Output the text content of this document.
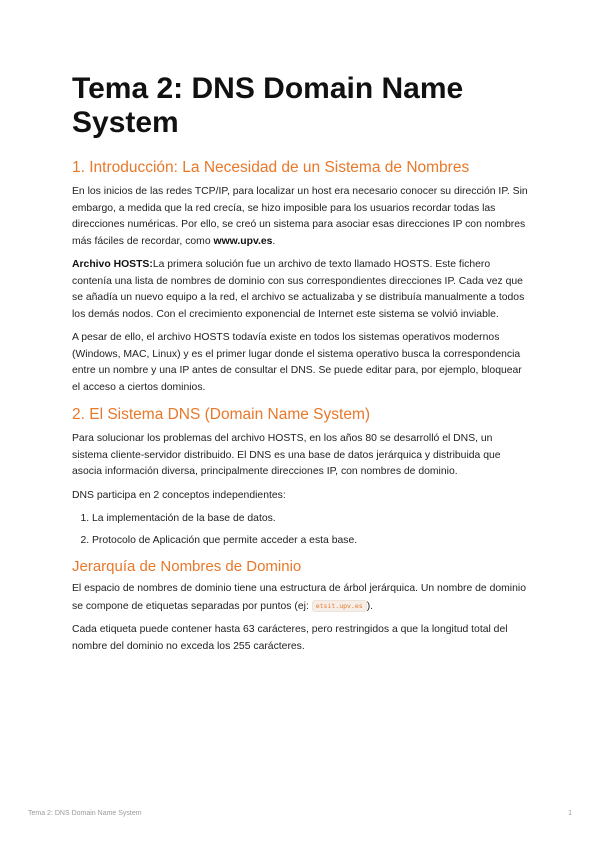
Tema 2: DNS Domain Name System
1. Introducción: La Necesidad de un Sistema de Nombres

En los inicios de las redes TCP/IP, para localizar un host era necesario conocer su dirección IP. Sin embargo, a medida que la red crecía, se hizo imposible para los usuarios recordar todas las direcciones numéricas. Por ello, se creó un sistema para asociar esas direcciones IP con nombres más fáciles de recordar, como www.upv.es.

Archivo HOSTS:La primera solución fue un archivo de texto llamado HOSTS. Este fichero contenía una lista de nombres de dominio con sus correspondientes direcciones IP. Cada vez que se añadía un nuevo equipo a la red, el archivo se actualizaba y se distribuía manualmente a todos los demás nodos. Con el crecimiento exponencial de Internet este sistema se volvió inviable.

A pesar de ello, el archivo HOSTS todavía existe en todos los sistemas operativos modernos (Windows, MAC, Linux) y es el primer lugar donde el sistema operativo busca la correspondencia entre un nombre y una IP antes de consultar el DNS. Se puede editar para, por ejemplo, bloquear el acceso a ciertos dominios.

2. El Sistema DNS (Domain Name System)

Para solucionar los problemas del archivo HOSTS, en los años 80 se desarrolló el DNS, un sistema cliente-servidor distribuido. El DNS es una base de datos jerárquica y distribuida que asocia información diversa, principalmente direcciones IP, con nombres de dominio.

DNS participa en 2 conceptos independientes:

1. La implementación de la base de datos.
2. Protocolo de Aplicación que permite acceder a esta base.
Jerarquía de Nombres de Dominio

El espacio de nombres de dominio tiene una estructura de árbol jerárquica. Un nombre de dominio se compone de etiquetas separadas por puntos (ej: etsit.upv.es ).

Cada etiqueta puede contener hasta 63 carácteres, pero restringidos a que la longitud total del nombre del dominio no exceda los 255 carácteres.

Tema 2: DNS Domain Name System	1
